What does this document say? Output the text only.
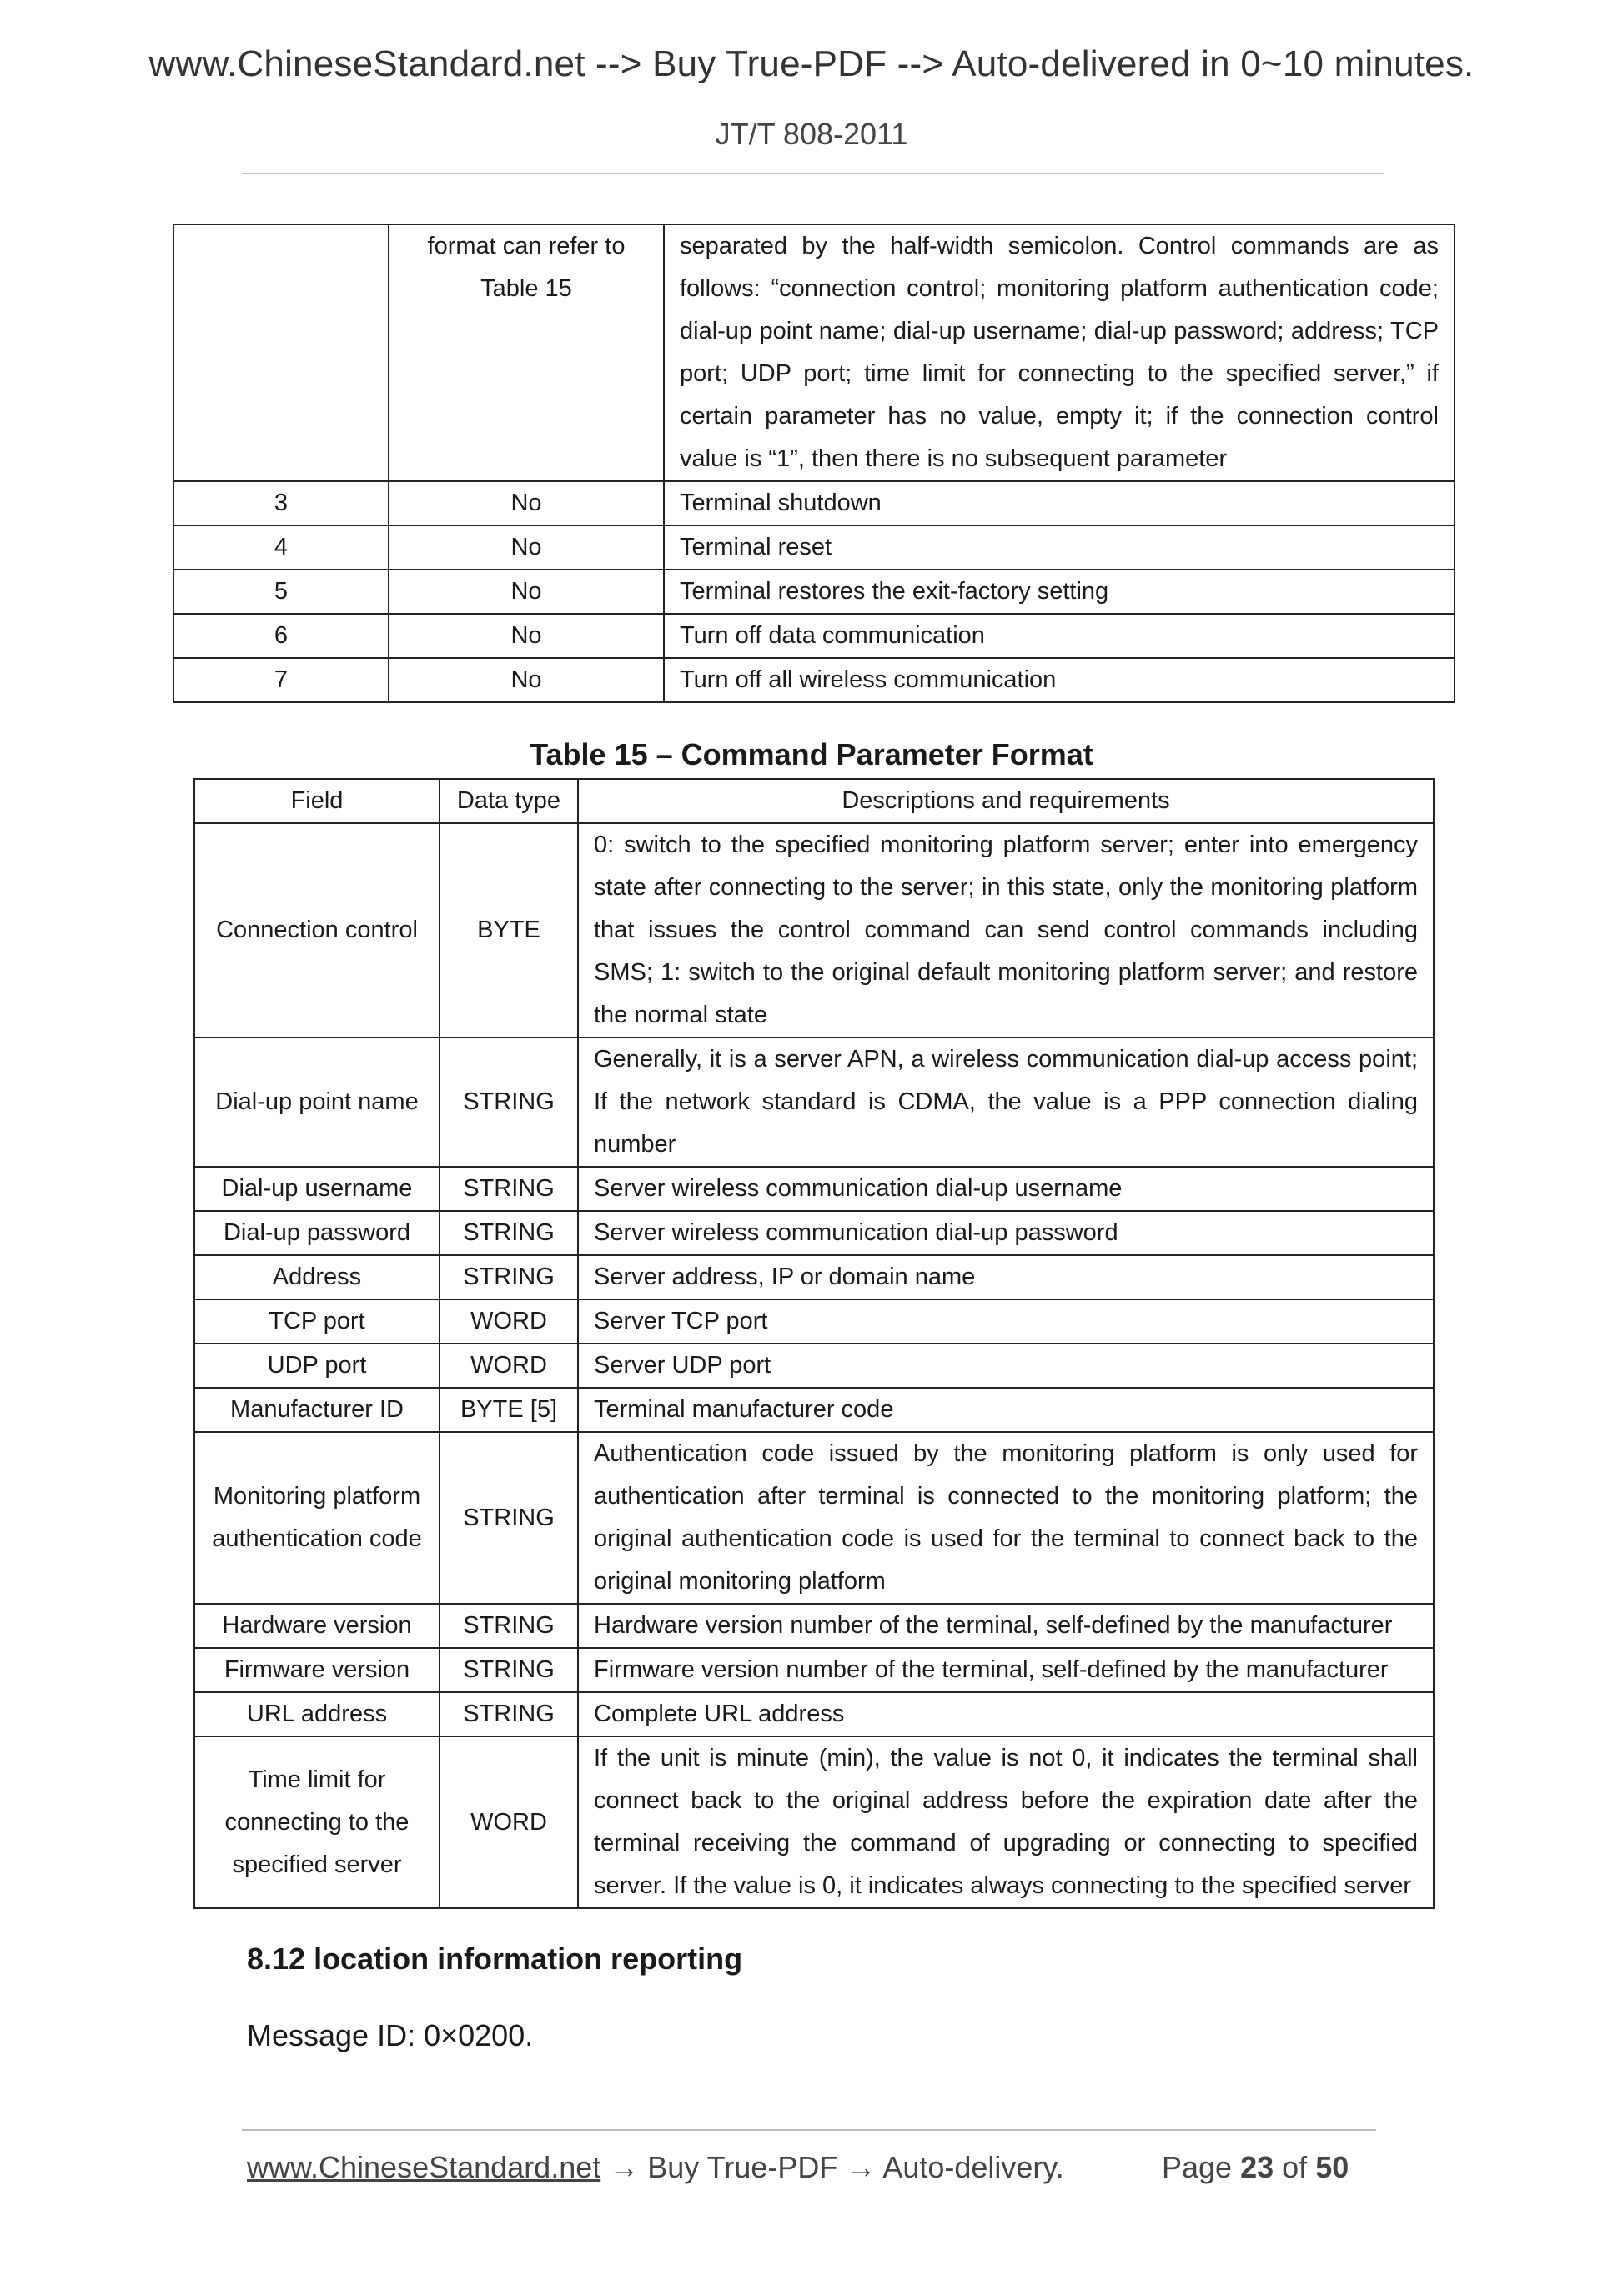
www.ChineseStandard.net --> Buy True-PDF --> Auto-delivered in 0~10 minutes.
JT/T 808-2011
	format can refer to Table 15	separated by the half-width semicolon. Control commands are as follows: “connection control; monitoring platform authentication code; dial-up point name; dial-up username; dial-up password; address; TCP port; UDP port; time limit for connecting to the specified server,” if certain parameter has no value, empty it; if the connection control value is “1”, then there is no subsequent parameter
3	No	Terminal shutdown
4	No	Terminal reset
5	No	Terminal restores the exit-factory setting
6	No	Turn off data communication
7	No	Turn off all wireless communication
Table 15 – Command Parameter Format
Field	Data type	Descriptions and requirements
Connection control	BYTE	0: switch to the specified monitoring platform server; enter into emergency state after connecting to the server; in this state, only the monitoring platform that issues the control command can send control commands including SMS; 1: switch to the original default monitoring platform server; and restore the normal state
Dial-up point name	STRING	Generally, it is a server APN, a wireless communication dial-up access point; If the network standard is CDMA, the value is a PPP connection dialing number
Dial-up username	STRING	Server wireless communication dial-up username
Dial-up password	STRING	Server wireless communication dial-up password
Address	STRING	Server address, IP or domain name
TCP port	WORD	Server TCP port
UDP port	WORD	Server UDP port
Manufacturer ID	BYTE [5]	Terminal manufacturer code
Monitoring platform authentication code	STRING	Authentication code issued by the monitoring platform is only used for authentication after terminal is connected to the monitoring platform; the original authentication code is used for the terminal to connect back to the original monitoring platform
Hardware version	STRING	Hardware version number of the terminal, self-defined by the manufacturer
Firmware version	STRING	Firmware version number of the terminal, self-defined by the manufacturer
URL address	STRING	Complete URL address
Time limit for connecting to the specified server	WORD	If the unit is minute (min), the value is not 0, it indicates the terminal shall connect back to the original address before the expiration date after the terminal receiving the command of upgrading or connecting to specified server. If the value is 0, it indicates always connecting to the specified server
8.12 location information reporting
Message ID: 0×0200.
www.ChineseStandard.net → Buy True-PDF → Auto-delivery.	Page 23 of 50
